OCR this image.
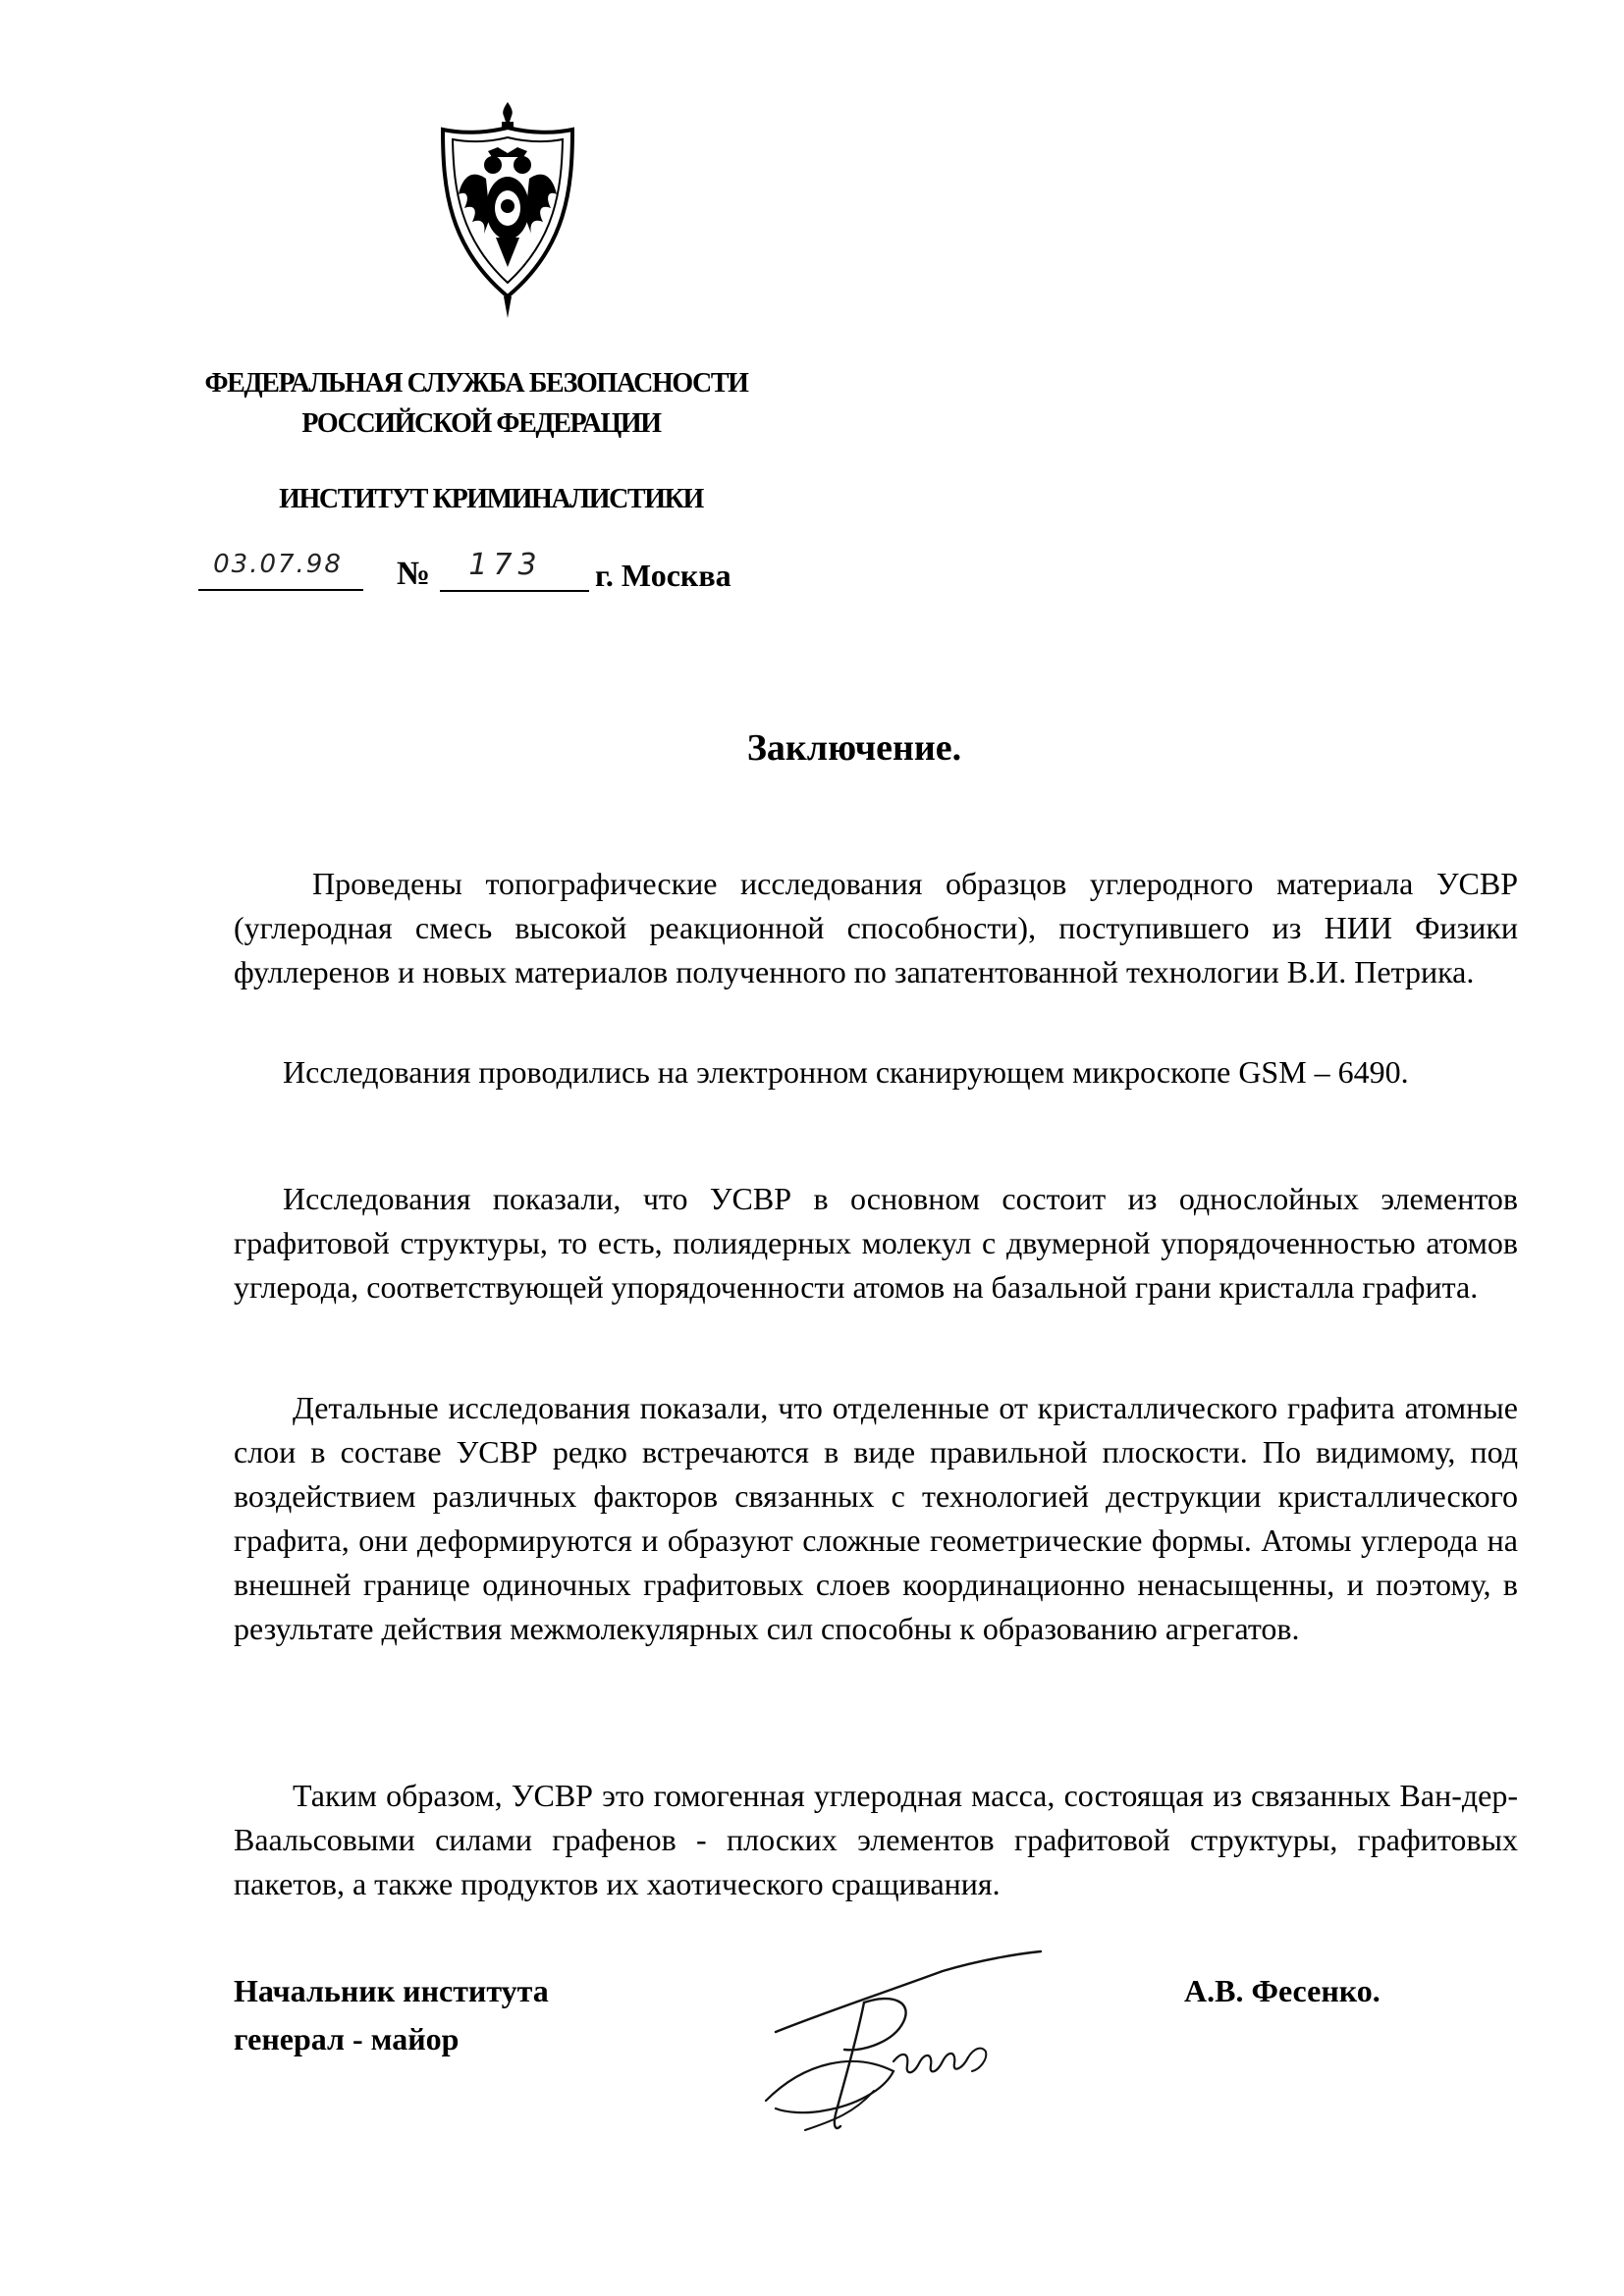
ФЕДЕРАЛЬНАЯ СЛУЖБА БЕЗОПАСНОСТИ
РОССИЙСКОЙ ФЕДЕРАЦИИ
ИНСТИТУТ КРИМИНАЛИСТИКИ
03.07.98	№	173	г. Москва
Заключение.
Проведены топографические исследования образцов углеродного материала УСВР (углеродная смесь высокой реакционной способности), поступившего из НИИ Физики фуллеренов и новых материалов полученного по запатентованной технологии В.И. Петрика.
Исследования проводились на электронном сканирующем микроскопе GSM – 6490.
Исследования показали, что УСВР в основном состоит из однослойных элементов графитовой структуры, то есть, полиядерных молекул с двумерной упорядоченностью атомов углерода, соответствующей упорядоченности атомов на базальной грани кристалла графита.
Детальные исследования показали, что отделенные от кристаллического графита атомные слои в составе УСВР редко встречаются в виде правильной плоскости. По видимому, под воздействием различных факторов связанных с технологией деструкции кристаллического графита, они деформируются и образуют сложные геометрические формы. Атомы углерода на внешней границе одиночных графитовых слоев координационно ненасыщенны, и поэтому, в результате действия межмолекулярных сил способны к образованию агрегатов.
Таким образом, УСВР это гомогенная углеродная масса, состоящая из связанных Ван-дер-Ваальсовыми силами графенов - плоских элементов графитовой структуры, графитовых пакетов, а также продуктов их хаотического сращивания.
Начальник института
генерал - майор
А.В. Фесенко.
